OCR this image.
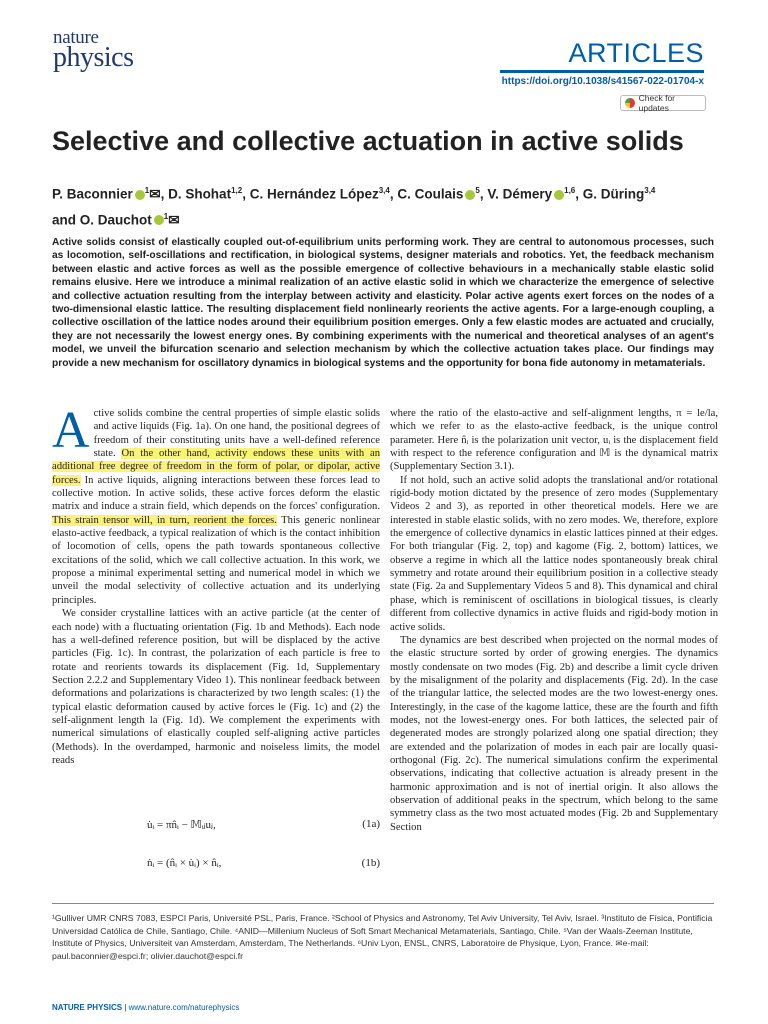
nature
physics	ARTICLES
https://doi.org/10.1038/s41567-022-01704-x
Check for updates
Selective and collective actuation in active solids
P. Baconnier $^1$✉, D. Shohat$^{1,2}$, C. Hernández López$^{3,4}$, C. Coulais $^5$, V. Démery $^{1,6}$, G. Düring$^{3,4}$
and O. Dauchot $^1$✉
Active solids consist of elastically coupled out-of-equilibrium units performing work. They are central to autonomous processes, such as locomotion, self-oscillations and rectification, in biological systems, designer materials and robotics. Yet, the feedback mechanism between elastic and active forces as well as the possible emergence of collective behaviours in a mechanically stable elastic solid remains elusive. Here we introduce a minimal realization of an active elastic solid in which we characterize the emergence of selective and collective actuation resulting from the interplay between activity and elasticity. Polar active agents exert forces on the nodes of a two-dimensional elastic lattice. The resulting displacement field nonlinearly reorients the active agents. For a large-enough coupling, a collective oscillation of the lattice nodes around their equilibrium position emerges. Only a few elastic modes are actuated and crucially, they are not necessarily the lowest energy ones. By combining experiments with the numerical and theoretical analyses of an agent's model, we unveil the bifurcation scenario and selection mechanism by which the collective actuation takes place. Our findings may provide a new mechanism for oscillatory dynamics in biological systems and the opportunity for bona fide autonomy in metamaterials.

Active solids combine the central properties of simple elastic solids and active liquids (Fig. 1a). On one hand, the positional degrees of freedom of their constituting units have a well-defined reference state. On the other hand, activity endows these units with an additional free degree of freedom in the form of polar, or dipolar, active forces. In active liquids, aligning interactions between these forces lead to collective motion. In active solids, these active forces deform the elastic matrix and induce a strain field, which depends on the forces' configuration. This strain tensor will, in turn, reorient the forces. This generic nonlinear elasto-active feedback, a typical realization of which is the contact inhibition of locomotion of cells, opens the path towards spontaneous collective excitations of the solid, which we call collective actuation. In this work, we propose a minimal experimental setting and numerical model in which we unveil the modal selectivity of collective actuation and its underlying principles.

We consider crystalline lattices with an active particle (at the center of each node) with a fluctuating orientation (Fig. 1b and Methods). Each node has a well-defined reference position, but will be displaced by the active particles (Fig. 1c). In contrast, the polarization of each particle is free to rotate and reorients towards its displacement (Fig. 1d, Supplementary Section 2.2.2 and Supplementary Video 1). This nonlinear feedback between deformations and polarizations is characterized by two length scales: (1) the typical elastic deformation caused by active forces le (Fig. 1c) and (2) the self-alignment length la (Fig. 1d). We complement the experiments with numerical simulations of elastically coupled self-aligning active particles (Methods). In the overdamped, harmonic and noiseless limits, the model reads

u̇ᵢ = πn̂ᵢ − 𝕄ᵢⱼuⱼ,	(1a)
ṅᵢ = (n̂ᵢ × u̇ᵢ) × n̂ᵢ,	(1b)

where the ratio of the elasto-active and self-alignment lengths, π = le/la, which we refer to as the elasto-active feedback, is the unique control parameter. Here n̂ᵢ is the polarization unit vector, uᵢ is the displacement field with respect to the reference configuration and 𝕄 is the dynamical matrix (Supplementary Section 3.1).

If not hold, such an active solid adopts the translational and/or rotational rigid-body motion dictated by the presence of zero modes (Supplementary Videos 2 and 3), as reported in other theoretical models. Here we are interested in stable elastic solids, with no zero modes. We, therefore, explore the emergence of collective dynamics in elastic lattices pinned at their edges. For both triangular (Fig. 2, top) and kagome (Fig. 2, bottom) lattices, we observe a regime in which all the lattice nodes spontaneously break chiral symmetry and rotate around their equilibrium position in a collective steady state (Fig. 2a and Supplementary Videos 5 and 8). This dynamical and chiral phase, which is reminiscent of oscillations in biological tissues, is clearly different from collective dynamics in active fluids and rigid-body motion in active solids.

The dynamics are best described when projected on the normal modes of the elastic structure sorted by order of growing energies. The dynamics mostly condensate on two modes (Fig. 2b) and describe a limit cycle driven by the misalignment of the polarity and displacements (Fig. 2d). In the case of the triangular lattice, the selected modes are the two lowest-energy ones. Interestingly, in the case of the kagome lattice, these are the fourth and fifth modes, not the lowest-energy ones. For both lattices, the selected pair of degenerated modes are strongly polarized along one spatial direction; they are extended and the polarization of modes in each pair are locally quasi-orthogonal (Fig. 2c). The numerical simulations confirm the experimental observations, indicating that collective actuation is already present in the harmonic approximation and is not of inertial origin. It also allows the observation of additional peaks in the spectrum, which belong to the same symmetry class as the two most actuated modes (Fig. 2b and Supplementary Section

¹Gulliver UMR CNRS 7083, ESPCI Paris, Université PSL, Paris, France. ²School of Physics and Astronomy, Tel Aviv University, Tel Aviv, Israel. ³Instituto de Física, Pontificia Universidad Católica de Chile, Santiago, Chile. ⁴ANID—Millenium Nucleus of Soft Smart Mechanical Metamaterials, Santiago, Chile. ⁵Van der Waals-Zeeman Institute, Institute of Physics, Universiteit van Amsterdam, Amsterdam, The Netherlands. ⁶Univ Lyon, ENSL, CNRS, Laboratoire de Physique, Lyon, France. ✉e-mail: paul.baconnier@espci.fr; olivier.dauchot@espci.fr
NATURE PHYSICS | www.nature.com/naturephysics
